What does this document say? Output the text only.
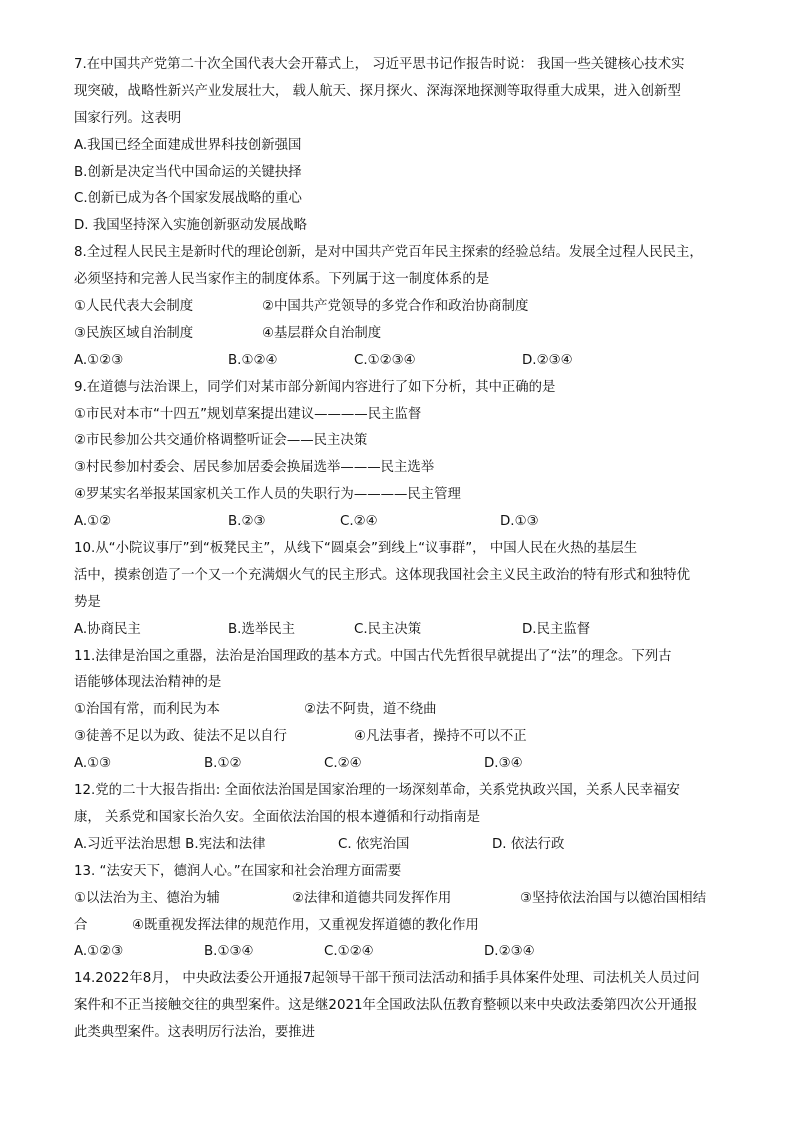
7.在中国共产党第二十次全国代表大会开幕式上， 习近平思书记作报告时说： 我国一些关键核心技术实
现突破，战略性新兴产业发展壮大， 载人航天、探月探火、深海深地探测等取得重大成果，进入创新型
国家行列。这表明
A.我国已经全面建成世界科技创新强国
B.创新是决定当代中国命运的关键抉择
C.创新已成为各个国家发展战略的重心
D. 我国坚持深入实施创新驱动发展战略
8.全过程人民民主是新时代的理论创新，是对中国共产党百年民主探索的经验总结。发展全过程人民民主，
必须坚持和完善人民当家作主的制度体系。下列属于这一制度体系的是
①人民代表大会制度	②中国共产党领导的多党合作和政治协商制度
③民族区域自治制度	④基层群众自治制度
A.①②③	B.①②④	C.①②③④	D.②③④
9.在道德与法治课上，同学们对某市部分新闻内容进行了如下分析，其中正确的是
①市民对本市“十四五”规划草案提出建议————民主监督
②市民参加公共交通价格调整听证会——民主决策
③村民参加村委会、居民参加居委会换届选举———民主选举
④罗某实名举报某国家机关工作人员的失职行为————民主管理
A.①②	B.②③	C.②④	D.①③
10.从“小院议事厅”到“板凳民主”，从线下“圆桌会”到线上“议事群”， 中国人民在火热的基层生
活中，摸索创造了一个又一个充满烟火气的民主形式。这体现我国社会主义民主政治的特有形式和独特优
势是
A.协商民主	B.选举民主	C.民主决策	D.民主监督
11.法律是治国之重器，法治是治国理政的基本方式。中国古代先哲很早就提出了“法”的理念。下列古
语能够体现法治精神的是
①治国有常，而利民为本	②法不阿贵，道不绕曲
③徒善不足以为政、徒法不足以自行	④凡法事者，操持不可以不正
A.①③	B.①②	C.②④	D.③④
12.党的二十大报告指出: 全面依法治国是国家治理的一场深刻革命，关系党执政兴国，关系人民幸福安
康， 关系党和国家长治久安。全面依法治国的根本遵循和行动指南是
A.习近平法治思想 B.宪法和法律	C. 依宪治国	D. 依法行政
13. “法安天下，德润人心。”在国家和社会治理方面需要
①以法治为主、德治为辅	②法律和道德共同发挥作用	③坚持依法治国与以德治国相结
合	④既重视发挥法律的规范作用，又重视发挥道德的教化作用
A.①②③	B.①③④	C.①②④	D.②③④
14.2022年8月， 中央政法委公开通报7起领导干部干预司法活动和插手具体案件处理、司法机关人员过问
案件和不正当接触交往的典型案件。这是继2021年全国政法队伍教育整顿以来中央政法委第四次公开通报
此类典型案件。这表明厉行法治，要推进
